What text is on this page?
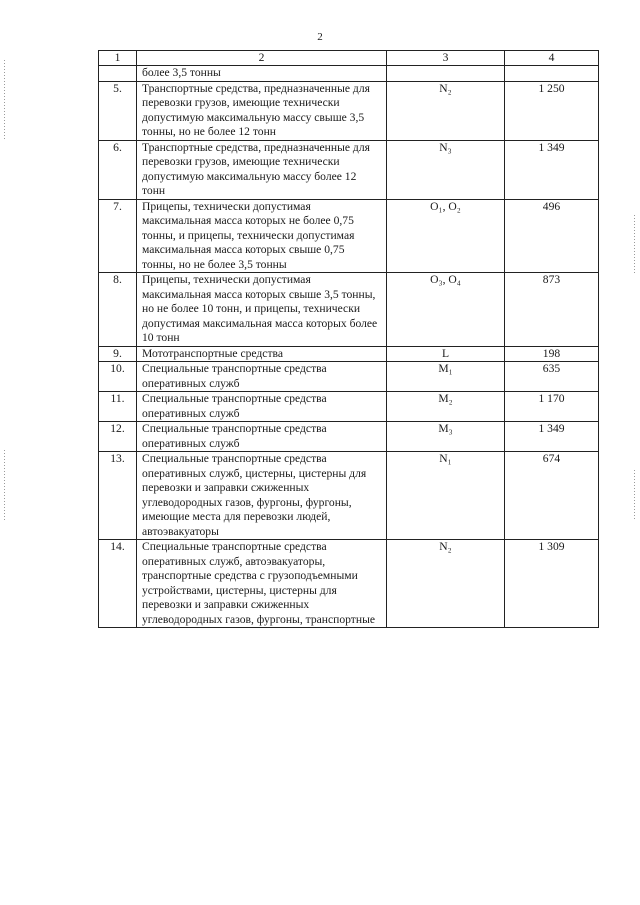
2
1	2	3	4
	более 3,5 тонны		
5.	Транспортные средства, предназначенные для перевозки грузов, имеющие технически допустимую максимальную массу свыше 3,5 тонны, но не более 12 тонн	N₂	1 250
6.	Транспортные средства, предназначенные для перевозки грузов, имеющие технически допустимую максимальную массу более 12 тонн	N₃	1 349
7.	Прицепы, технически допустимая максимальная масса которых не более 0,75 тонны, и прицепы, технически допустимая максимальная масса которых свыше 0,75 тонны, но не более 3,5 тонны	O₁, O₂	496
8.	Прицепы, технически допустимая максимальная масса которых свыше 3,5 тонны, но не более 10 тонн, и прицепы, технически допустимая максимальная масса которых более 10 тонн	O₃, O₄	873
9.	Мототранспортные средства	L	198
10.	Специальные транспортные средства оперативных служб	M₁	635
11.	Специальные транспортные средства оперативных служб	M₂	1 170
12.	Специальные транспортные средства оперативных служб	M₃	1 349
13.	Специальные транспортные средства оперативных служб, цистерны, цистерны для перевозки и заправки сжиженных углеводородных газов, фургоны, фургоны, имеющие места для перевозки людей, автоэвакуаторы	N₁	674
14.	Специальные транспортные средства оперативных служб, автоэвакуаторы, транспортные средства с грузоподъемными устройствами, цистерны, цистерны для перевозки и заправки сжиженных углеводородных газов, фургоны, транспортные	N₂	1 309
